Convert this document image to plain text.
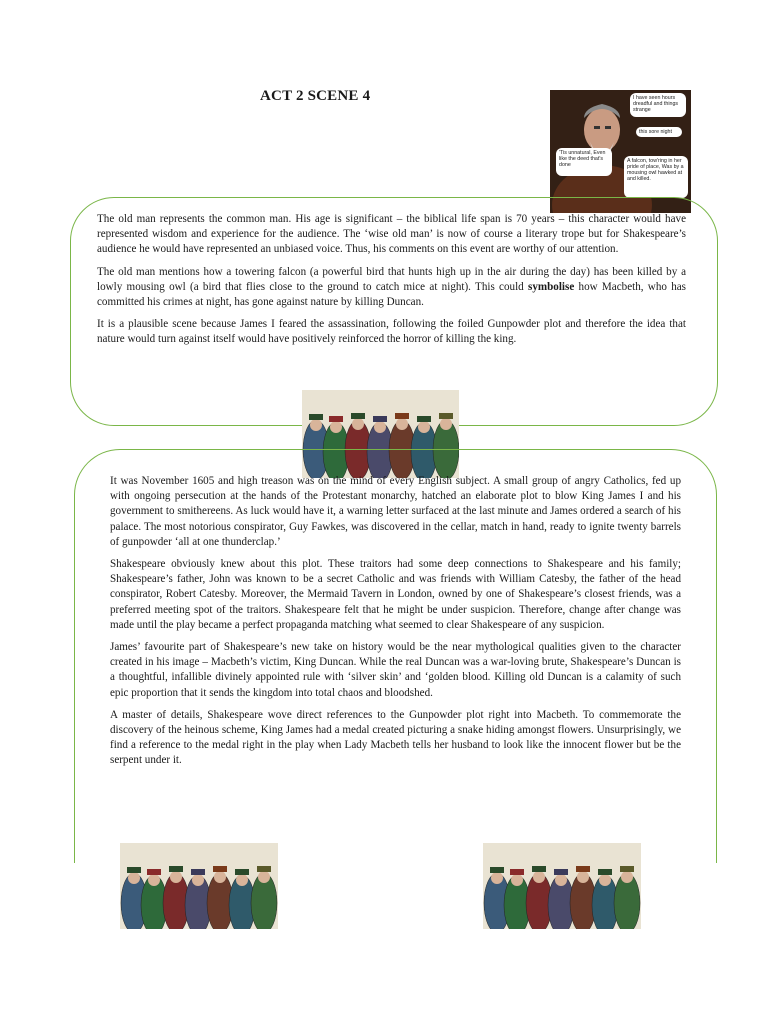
ACT 2 SCENE 4	I have seen hours dreadful and things strange
this sore night
'Tis unnatural, Even like the deed that's done
A falcon, tow'ring in her pride of place, Was by a mousing owl hawked at and killed.

The old man represents the common man. His age is significant – the biblical life span is 70 years – this character would have represented wisdom and experience for the audience. The ‘wise old man’ is now of course a literary trope but for Shakespeare’s audience he would have represented an unbiased voice. Thus, his comments on this event are worthy of our attention.

The old man mentions how a towering falcon (a powerful bird that hunts high up in the air during the day) has been killed by a lowly mousing owl (a bird that flies close to the ground to catch mice at night). This could symbolise how Macbeth, who has committed his crimes at night, has gone against nature by killing Duncan.

It is a plausible scene because James I feared the assassination, following the foiled Gunpowder plot and therefore the idea that nature would turn against itself would have positively reinforced the horror of killing the king.

It was November 1605 and high treason was on the mind of every English subject. A small group of angry Catholics, fed up with ongoing persecution at the hands of the Protestant monarchy, hatched an elaborate plot to blow King James I and his government to smithereens. As luck would have it, a warning letter surfaced at the last minute and James ordered a search of his palace. The most notorious conspirator, Guy Fawkes, was discovered in the cellar, match in hand, ready to ignite twenty barrels of gunpowder ‘all at one thunderclap.’

Shakespeare obviously knew about this plot. These traitors had some deep connections to Shakespeare and his family; Shakespeare’s father, John was known to be a secret Catholic and was friends with William Catesby, the father of the head conspirator, Robert Catesby. Moreover, the Mermaid Tavern in London, owned by one of Shakespeare’s closest friends, was a preferred meeting spot of the traitors. Shakespeare felt that he might be under suspicion. Therefore, change after change was made until the play became a perfect propaganda matching what seemed to clear Shakespeare of any suspicion.

James’ favourite part of Shakespeare’s new take on history would be the near mythological qualities given to the character created in his image – Macbeth’s victim, King Duncan. While the real Duncan was a war-loving brute, Shakespeare’s Duncan is a thoughtful, infallible divinely appointed rule with ‘silver skin’ and ‘golden blood. Killing old Duncan is a calamity of such epic proportion that it sends the kingdom into total chaos and bloodshed.

A master of details, Shakespeare wove direct references to the Gunpowder plot right into Macbeth. To commemorate the discovery of the heinous scheme, King James had a medal created picturing a snake hiding amongst flowers. Unsurprisingly, we find a reference to the medal right in the play when Lady Macbeth tells her husband to look like the innocent flower but be the serpent under it.
